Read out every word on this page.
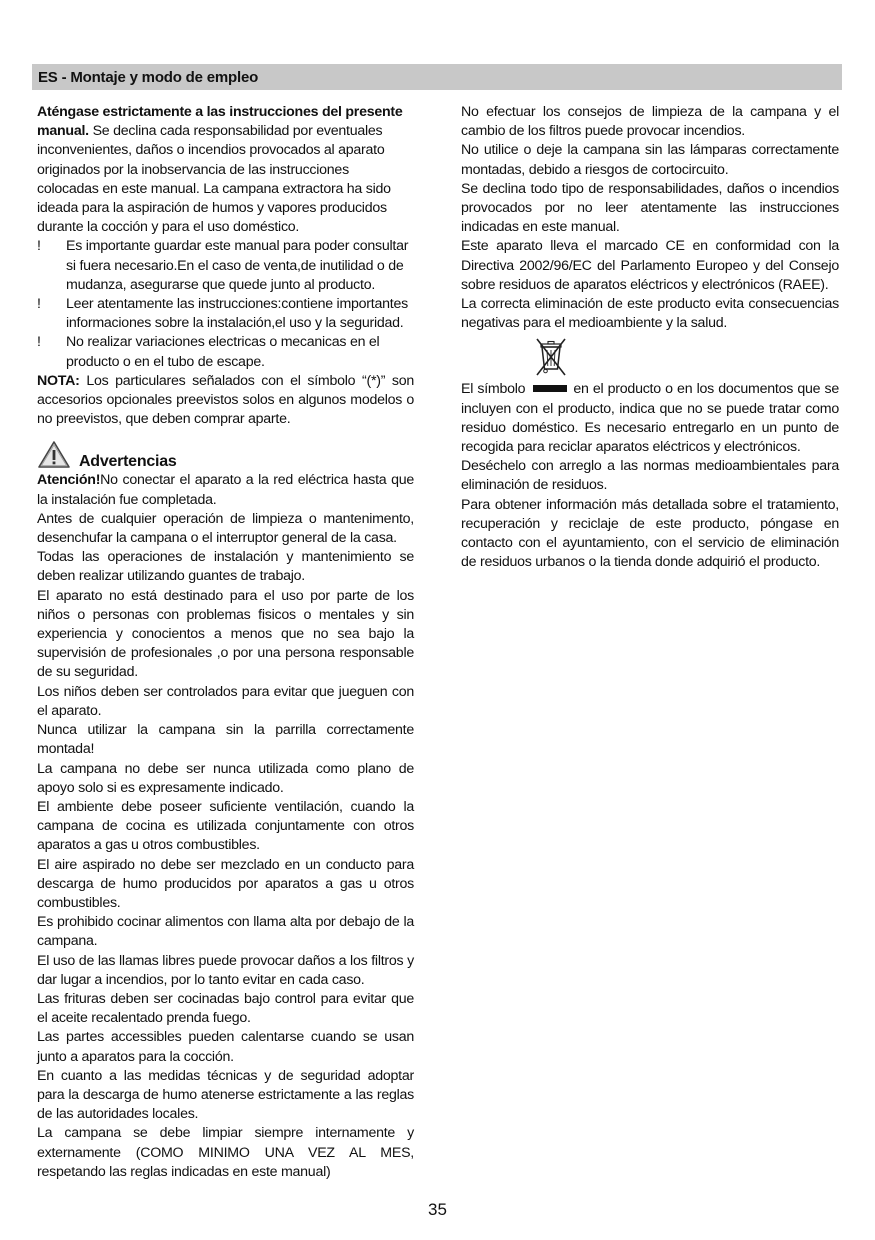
ES - Montaje y modo de empleo

Aténgase estrictamente a las instrucciones del presente manual. Se declina cada responsabilidad por eventuales inconvenientes, daños o incendios provocados al aparato originados por la inobservancia de las instrucciones colocadas en este manual. La campana extractora ha sido ideada para la aspiración de humos y vapores producidos durante la cocción y para el uso doméstico.

!	Es importante guardar este manual para poder consultar si fuera necesario.En el caso de venta,de inutilidad o de mudanza, asegurarse que quede junto al producto.
!	Leer atentamente las instrucciones:contiene importantes informaciones sobre la instalación,el uso y la seguridad.
!	No realizar variaciones electricas o mecanicas en el producto o en el tubo de escape.

NOTA: Los particulares señalados con el símbolo “(*)” son accesorios opcionales preevistos solos en algunos modelos o no preevistos, que deben comprar aparte.

Advertencias

Atención!No conectar el aparato a la red eléctrica hasta que la instalación fue completada.

Antes de cualquier operación de limpieza o mantenimento, desenchufar la campana o el interruptor general de la casa.

Todas las operaciones de instalación y mantenimiento se deben realizar utilizando guantes de trabajo.

El aparato no está destinado para el uso por parte de los niños o personas con problemas fisicos o mentales y sin experiencia y conocientos a menos que no sea bajo la supervisión de profesionales ,o por una persona responsable de su seguridad.

Los niños deben ser controlados para evitar que jueguen con el aparato.

Nunca utilizar la campana sin la parrilla correctamente montada!

La campana no debe ser nunca utilizada como plano de apoyo solo si es expresamente indicado.

El ambiente debe poseer suficiente ventilación, cuando la campana de cocina es utilizada conjuntamente con otros aparatos a gas u otros combustibles.

El aire aspirado no debe ser mezclado en un conducto para descarga de humo producidos por aparatos a gas u otros combustibles.

Es prohibido cocinar alimentos con llama alta por debajo de la campana.

El uso de las llamas libres puede provocar daños a los filtros y dar lugar a incendios, por lo tanto evitar en cada caso.

Las frituras deben ser cocinadas bajo control para evitar que el aceite recalentado prenda fuego.

Las partes accessibles pueden calentarse cuando se usan junto a aparatos para la cocción.

En cuanto a las medidas técnicas y de seguridad adoptar para la descarga de humo atenerse estrictamente a las reglas de las autoridades locales.

La campana se debe limpiar siempre internamente y externamente (COMO MINIMO UNA VEZ AL MES, respetando las reglas indicadas en este manual)

No efectuar los consejos de limpieza de la campana y el cambio de los filtros puede provocar incendios.

No utilice o deje la campana sin las lámparas correctamente montadas, debido a riesgos de cortocircuito.

Se declina todo tipo de responsabilidades, daños o incendios provocados por no leer atentamente las instrucciones indicadas en este manual.

Este aparato lleva el marcado CE en conformidad con la Directiva 2002/96/EC del Parlamento Europeo y del Consejo sobre residuos de aparatos eléctricos y electrónicos (RAEE).

La correcta eliminación de este producto evita consecuencias negativas para el medioambiente y la salud.

El símbolo	en el producto o en los documentos que se incluyen con el producto, indica que no se puede tratar como residuo doméstico. Es necesario entregarlo en un punto de recogida para reciclar aparatos eléctricos y electrónicos.

Deséchelo con arreglo a las normas medioambientales para eliminación de residuos.

Para obtener información más detallada sobre el tratamiento, recuperación y reciclaje de este producto, póngase en contacto con el ayuntamiento, con el servicio de eliminación de residuos urbanos o la tienda donde adquirió el producto.

35
